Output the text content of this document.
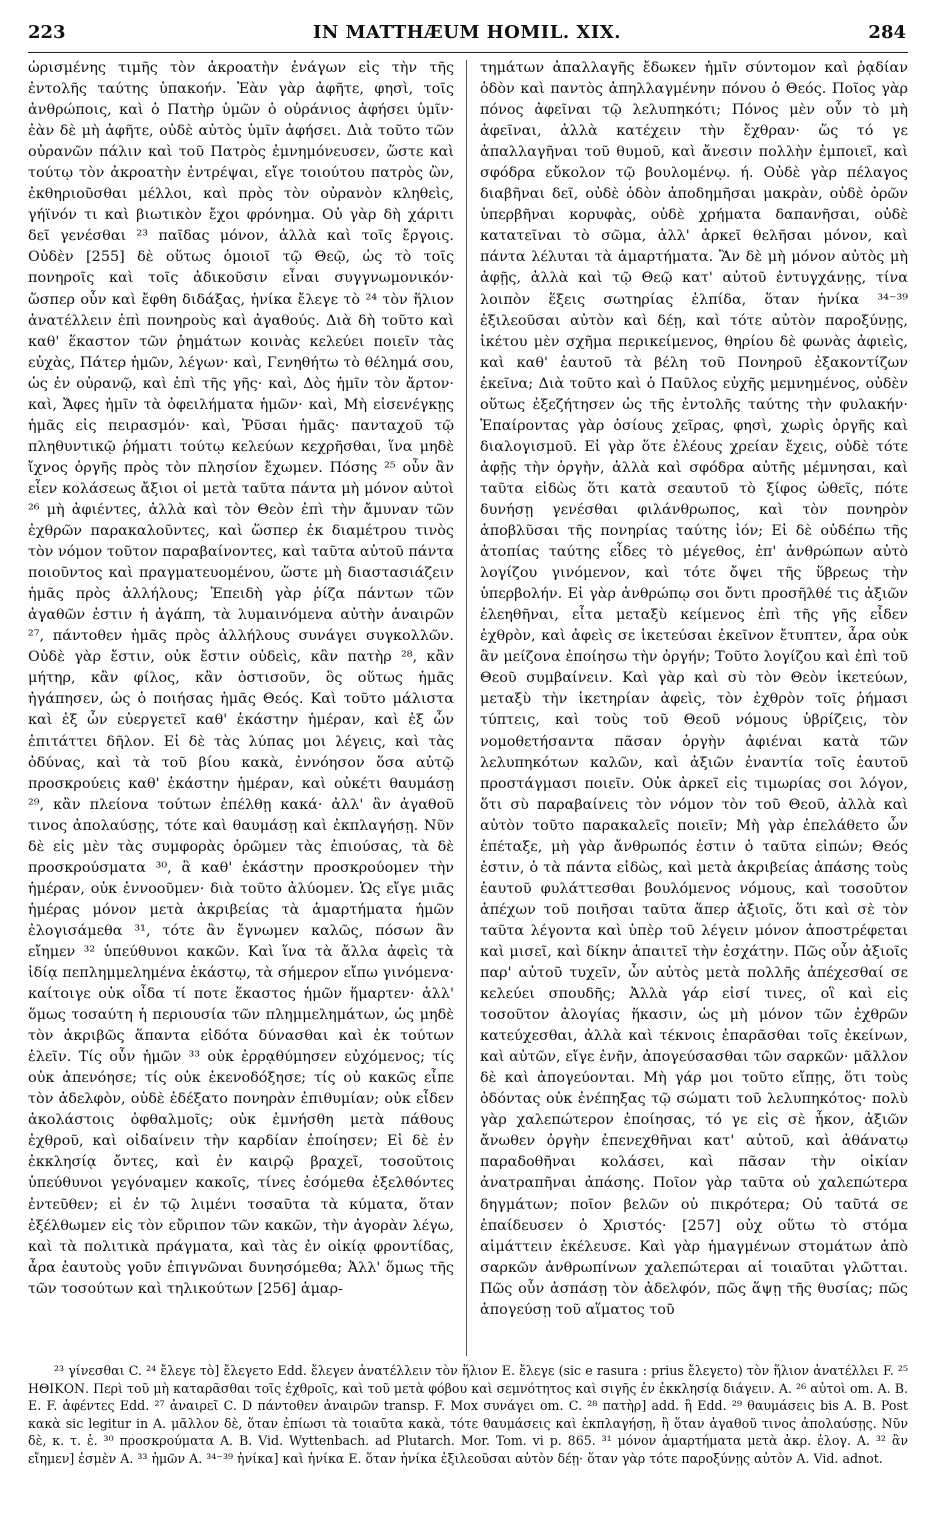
223	IN MATTHÆUM HOMIL. XIX.	284

ὡρισμένης τιμῆς τὸν ἀκροατὴν ἐνάγων εἰς τὴν τῆς ἐντολῆς ταύτης ὑπακοήν. Ἐὰν γὰρ ἀφῆτε, φησὶ, τοῖς ἀνθρώποις, καὶ ὁ Πατὴρ ὑμῶν ὁ οὐράνιος ἀφήσει ὑμῖν· ἐὰν δὲ μὴ ἀφῆτε, οὐδὲ αὐτὸς ὑμῖν ἀφήσει. Διὰ τοῦτο τῶν οὐρανῶν πάλιν καὶ τοῦ Πατρὸς ἐμνημόνευσεν, ὥστε καὶ τούτῳ τὸν ἀκροατὴν ἐντρέψαι, εἴγε τοιούτου πατρὸς ὢν, ἐκθηριοῦσθαι μέλλοι, καὶ πρὸς τὸν οὐρανὸν κληθεὶς, γήϊνόν τι καὶ βιωτικὸν ἔχοι φρόνημα. Οὐ γὰρ δὴ χάριτι δεῖ γενέσθαι ²³ παῖδας μόνον, ἀλλὰ καὶ τοῖς ἔργοις. Οὐδὲν [255] δὲ οὕτως ὁμοιοῖ τῷ Θεῷ, ὡς τὸ τοῖς πονηροῖς καὶ τοῖς ἀδικοῦσιν εἶναι συγγνωμονικόν· ὥσπερ οὖν καὶ ἔφθη διδάξας, ἡνίκα ἔλεγε τὸ ²⁴ τὸν ἥλιον ἀνατέλλειν ἐπὶ πονηροὺς καὶ ἀγαθούς. Διὰ δὴ τοῦτο καὶ καθ' ἕκαστον τῶν ῥημάτων κοινὰς κελεύει ποιεῖν τὰς εὐχὰς, Πάτερ ἡμῶν, λέγων· καὶ, Γενηθήτω τὸ θέλημά σου, ὡς ἐν οὐρανῷ, καὶ ἐπὶ τῆς γῆς· καὶ, Δὸς ἡμῖν τὸν ἄρτον· καὶ, Ἄφες ἡμῖν τὰ ὀφειλήματα ἡμῶν· καὶ, Μὴ εἰσενέγκῃς ἡμᾶς εἰς πειρασμόν· καὶ, Ῥῦσαι ἡμᾶς· πανταχοῦ τῷ πληθυντικῷ ῥήματι τούτῳ κελεύων κεχρῆσθαι, ἵνα μηδὲ ἴχνος ὀργῆς πρὸς τὸν πλησίον ἔχωμεν. Πόσης ²⁵ οὖν ἂν εἶεν κολάσεως ἄξιοι οἱ μετὰ ταῦτα πάντα μὴ μόνον αὐτοὶ ²⁶ μὴ ἀφιέντες, ἀλλὰ καὶ τὸν Θεὸν ἐπὶ τὴν ἄμυναν τῶν ἐχθρῶν παρακαλοῦντες, καὶ ὥσπερ ἐκ διαμέτρου τινὸς τὸν νόμον τοῦτον παραβαίνοντες, καὶ ταῦτα αὐτοῦ πάντα ποιοῦντος καὶ πραγματευομένου, ὥστε μὴ διαστασιάζειν ἡμᾶς πρὸς ἀλλήλους; Ἐπειδὴ γὰρ ῥίζα πάντων τῶν ἀγαθῶν ἐστιν ἡ ἀγάπη, τὰ λυμαινόμενα αὐτὴν ἀναιρῶν ²⁷, πάντοθεν ἡμᾶς πρὸς ἀλλήλους συνάγει συγκολλῶν. Οὐδὲ γὰρ ἔστιν, οὐκ ἔστιν οὐδεὶς, κἂν πατὴρ ²⁸, κἂν μήτηρ, κἂν φίλος, κἂν ὁστισοῦν, ὃς οὕτως ἡμᾶς ἠγάπησεν, ὡς ὁ ποιήσας ἡμᾶς Θεός. Καὶ τοῦτο μάλιστα καὶ ἐξ ὧν εὐεργετεῖ καθ' ἑκάστην ἡμέραν, καὶ ἐξ ὧν ἐπιτάττει δῆλον. Εἰ δὲ τὰς λύπας μοι λέγεις, καὶ τὰς ὀδύνας, καὶ τὰ τοῦ βίου κακὰ, ἐννόησον ὅσα αὐτῷ προσκρούεις καθ' ἑκάστην ἡμέραν, καὶ οὐκέτι θαυμάσῃ ²⁹, κἂν πλείονα τούτων ἐπέλθῃ κακά· ἀλλ' ἂν ἀγαθοῦ τινος ἀπολαύσῃς, τότε καὶ θαυμάσῃ καὶ ἐκπλαγήσῃ. Νῦν δὲ εἰς μὲν τὰς συμφορὰς ὁρῶμεν τὰς ἐπιούσας, τὰ δὲ προσκρούσματα ³⁰, ἃ καθ' ἑκάστην προσκρούομεν τὴν ἡμέραν, οὐκ ἐννοοῦμεν· διὰ τοῦτο ἀλύομεν. Ὡς εἴγε μιᾶς ἡμέρας μόνον μετὰ ἀκριβείας τὰ ἁμαρτήματα ἡμῶν ἐλογισάμεθα ³¹, τότε ἂν ἔγνωμεν καλῶς, πόσων ἂν εἴημεν ³² ὑπεύθυνοι κακῶν. Καὶ ἵνα τὰ ἄλλα ἀφεὶς τὰ ἰδίᾳ πεπλημμελημένα ἑκάστῳ, τὰ σήμερον εἴπω γινόμενα· καίτοιγε οὐκ οἶδα τί ποτε ἕκαστος ἡμῶν ἥμαρτεν· ἀλλ' ὅμως τοσαύτη ἡ περιουσία τῶν πλημμελημάτων, ὡς μηδὲ τὸν ἀκριβῶς ἅπαντα εἰδότα δύνασθαι καὶ ἐκ τούτων ἑλεῖν. Τίς οὖν ἡμῶν ³³ οὐκ ἐρρᾳθύμησεν εὐχόμενος; τίς οὐκ ἀπενόησε; τίς οὐκ ἐκενοδόξησε; τίς οὐ κακῶς εἶπε τὸν ἀδελφὸν, οὐδὲ ἐδέξατο πονηρὰν ἐπιθυμίαν; οὐκ εἶδεν ἀκολάστοις ὀφθαλμοῖς; οὐκ ἐμνήσθη μετὰ πάθους ἐχθροῦ, καὶ οἰδαίνειν τὴν καρδίαν ἐποίησεν; Εἰ δὲ ἐν ἐκκλησίᾳ ὄντες, καὶ ἐν καιρῷ βραχεῖ, τοσοῦτοις ὑπεύθυνοι γεγόναμεν κακοῖς, τίνες ἐσόμεθα ἐξελθόντες ἐντεῦθεν; εἰ ἐν τῷ λιμένι τοσαῦτα τὰ κύματα, ὅταν ἐξέλθωμεν εἰς τὸν εὔριπον τῶν κακῶν, τὴν ἀγορὰν λέγω, καὶ τὰ πολιτικὰ πράγματα, καὶ τὰς ἐν οἰκίᾳ φροντίδας, ἆρα ἑαυτοὺς γοῦν ἐπιγνῶναι δυνησόμεθα; Ἀλλ' ὅμως τῆς τῶν τοσούτων καὶ τηλικούτων [256] ἁμαρ-

τημάτων ἀπαλλαγῆς ἔδωκεν ἡμῖν σύντομον καὶ ῥᾳδίαν ὁδὸν καὶ παντὸς ἀπηλλαγμένην πόνου ὁ Θεός. Ποῖος γὰρ πόνος ἀφεῖναι τῷ λελυπηκότι; Πόνος μὲν οὖν τὸ μὴ ἀφεῖναι, ἀλλὰ κατέχειν τὴν ἔχθραν· ὥς τό γε ἀπαλλαγῆναι τοῦ θυμοῦ, καὶ ἄνεσιν πολλὴν ἐμποιεῖ, καὶ σφόδρα εὔκολον τῷ βουλομένῳ. ή. Οὐδὲ γὰρ πέλαγος διαβῆναι δεῖ, οὐδὲ ὁδὸν ἀποδημῆσαι μακρὰν, οὐδὲ ὀρῶν ὑπερβῆναι κορυφὰς, οὐδὲ χρήματα δαπανῆσαι, οὐδὲ κατατεῖναι τὸ σῶμα, ἀλλ' ἀρκεῖ θελῆσαι μόνον, καὶ πάντα λέλυται τὰ ἁμαρτήματα. Ἂν δὲ μὴ μόνον αὐτὸς μὴ ἀφῇς, ἀλλὰ καὶ τῷ Θεῷ κατ' αὐτοῦ ἐντυγχάνῃς, τίνα λοιπὸν ἕξεις σωτηρίας ἐλπίδα, ὅταν ἡνίκα ³⁴⁻³⁹ ἐξιλεοῦσαι αὐτὸν καὶ δέῃ, καὶ τότε αὐτὸν παροξύνῃς, ἱκέτου μὲν σχῆμα περικείμενος, θηρίου δὲ φωνὰς ἀφιεὶς, καὶ καθ' ἑαυτοῦ τὰ βέλη τοῦ Πονηροῦ ἐξακοντίζων ἐκεῖνα; Διὰ τοῦτο καὶ ὁ Παῦλος εὐχῆς μεμνημένος, οὐδὲν οὕτως ἐξεζήτησεν ὡς τῆς ἐντολῆς ταύτης τὴν φυλακήν· Ἐπαίροντας γὰρ ὁσίους χεῖρας, φησὶ, χωρὶς ὀργῆς καὶ διαλογισμοῦ. Εἰ γὰρ ὅτε ἐλέους χρείαν ἔχεις, οὐδὲ τότε ἀφῇς τὴν ὀργὴν, ἀλλὰ καὶ σφόδρα αὐτῆς μέμνησαι, καὶ ταῦτα εἰδὼς ὅτι κατὰ σεαυτοῦ τὸ ξίφος ὠθεῖς, πότε δυνήσῃ γενέσθαι φιλάνθρωπος, καὶ τὸν πονηρὸν ἀποβλῦσαι τῆς πονηρίας ταύτης ἰόν; Εἰ δὲ οὐδέπω τῆς ἀτοπίας ταύτης εἶδες τὸ μέγεθος, ἐπ' ἀνθρώπων αὐτὸ λογίζου γινόμενον, καὶ τότε ὄψει τῆς ὕβρεως τὴν ὑπερβολήν. Εἰ γὰρ ἀνθρώπῳ σοι ὄντι προσῆλθέ τις ἀξιῶν ἐλεηθῆναι, εἶτα μεταξὺ κείμενος ἐπὶ τῆς γῆς εἶδεν ἐχθρὸν, καὶ ἀφεὶς σε ἱκετεύσαι ἐκεῖνον ἔτυπτεν, ἆρα οὐκ ἂν μείζονα ἐποίησω τὴν ὀργήν; Τοῦτο λογίζου καὶ ἐπὶ τοῦ Θεοῦ συμβαίνειν. Καὶ γὰρ καὶ σὺ τὸν Θεὸν ἱκετεύων, μεταξὺ τὴν ἱκετηρίαν ἀφεὶς, τὸν ἐχθρὸν τοῖς ῥήμασι τύπτεις, καὶ τοὺς τοῦ Θεοῦ νόμους ὑβρίζεις, τὸν νομοθετήσαντα πᾶσαν ὀργὴν ἀφιέναι κατὰ τῶν λελυπηκότων καλῶν, καὶ ἀξιῶν ἐναντία τοῖς ἑαυτοῦ προστάγμασι ποιεῖν. Οὐκ ἀρκεῖ εἰς τιμωρίας σοι λόγον, ὅτι σὺ παραβαίνεις τὸν νόμον τὸν τοῦ Θεοῦ, ἀλλὰ καὶ αὐτὸν τοῦτο παρακαλεῖς ποιεῖν; Μὴ γὰρ ἐπελάθετο ὧν ἐπέταξε, μὴ γὰρ ἄνθρωπός ἐστιν ὁ ταῦτα εἰπών; Θεός ἐστιν, ὁ τὰ πάντα εἰδὼς, καὶ μετὰ ἀκριβείας ἁπάσης τοὺς ἑαυτοῦ φυλάττεσθαι βουλόμενος νόμους, καὶ τοσοῦτον ἀπέχων τοῦ ποιῆσαι ταῦτα ἅπερ ἀξιοῖς, ὅτι καὶ σὲ τὸν ταῦτα λέγοντα καὶ ὑπὲρ τοῦ λέγειν μόνον ἀποστρέφεται καὶ μισεῖ, καὶ δίκην ἀπαιτεῖ τὴν ἐσχάτην. Πῶς οὖν ἀξιοῖς παρ' αὐτοῦ τυχεῖν, ὧν αὐτὸς μετὰ πολλῆς ἀπέχεσθαί σε κελεύει σπουδῆς; Ἀλλὰ γάρ εἰσί τινες, οἳ καὶ εἰς τοσοῦτον ἀλογίας ἥκασιν, ὡς μὴ μόνον τῶν ἐχθρῶν κατεύχεσθαι, ἀλλὰ καὶ τέκνοις ἐπαρᾶσθαι τοῖς ἐκείνων, καὶ αὐτῶν, εἴγε ἐνῆν, ἀπογεύσασθαι τῶν σαρκῶν· μᾶλλον δὲ καὶ ἀπογεύονται. Μὴ γάρ μοι τοῦτο εἴπῃς, ὅτι τοὺς ὀδόντας οὐκ ἐνέπηξας τῷ σώματι τοῦ λελυπηκότος· πολὺ γὰρ χαλεπώτερον ἐποίησας, τό γε εἰς σὲ ἧκον, ἀξιῶν ἄνωθεν ὀργὴν ἐπενεχθῆναι κατ' αὐτοῦ, καὶ ἀθάνατῳ παραδοθῆναι κολάσει, καὶ πᾶσαν τὴν οἰκίαν ἀνατραπῆναι ἀπάσης. Ποῖον γὰρ ταῦτα οὐ χαλεπώτερα δηγμάτων; ποῖον βελῶν οὐ πικρότερα; Οὐ ταῦτά σε ἐπαίδευσεν ὁ Χριστός· [257] οὐχ οὕτω τὸ στόμα αἱμάττειν ἐκέλευσε. Καὶ γὰρ ἡμαγμένων στομάτων ἀπὸ σαρκῶν ἀνθρωπίνων χαλεπώτεραι αἱ τοιαῦται γλῶτται. Πῶς οὖν ἀσπάσῃ τὸν ἀδελφόν, πῶς ἅψῃ τῆς θυσίας; πῶς ἀπογεύσῃ τοῦ αἵματος τοῦ

²³ γίνεσθαι C. ²⁴ ἔλεγε τὸ] ἔλεγετο Edd. ἔλεγεν ἀνατέλλειν τὸν ἥλιον E. ἔλεγε (sic e rasura : prius ἔλεγετο) τὸν ἥλιον ἀνατέλλει F. ²⁵ ΗΘΙΚΟΝ. Περὶ τοῦ μὴ καταρᾶσθαι τοῖς ἐχθροῖς, καὶ τοῦ μετὰ φόβου καὶ σεμνότητος καὶ σιγῆς ἐν ἐκκλησίᾳ διάγειν. A. ²⁶ αὐτοὶ om. A. B. E. F. ἀφέντες Edd. ²⁷ ἀναιρεῖ C. D πάντοθεν ἀναιρῶν transp. F. Mox συνάγει om. C. ²⁸ πατὴρ] add. ἢ Edd. ²⁹ θαυμάσεις bis A. B. Post κακὰ sic legitur in A. μᾶλλον δὲ, ὅταν ἐπίωσι τὰ τοιαῦτα κακὰ, τότε θαυμάσεις καὶ ἐκπλαγήσῃ, ἢ ὅταν ἀγαθοῦ τινος ἀπολαύσῃς. Νῦν δὲ, κ. τ. ἑ. ³⁰ προσκρούματα A. B. Vid. Wyttenbach. ad Plutarch. Mor. Tom. vi p. 865. ³¹ μόνον ἁμαρτήματα μετὰ ἀκρ. ἐλογ. A. ³² ἂν εἴημεν] ἐσμὲν A. ³³ ἡμῶν A. ³⁴⁻³⁹ ἡνίκα] καὶ ἡνίκα E. ὅταν ἡνίκα ἐξιλεοῦσαι αὐτὸν δέῃ· ὅταν γὰρ τότε παροξύνῃς αὐτὸν A. Vid. adnot.
